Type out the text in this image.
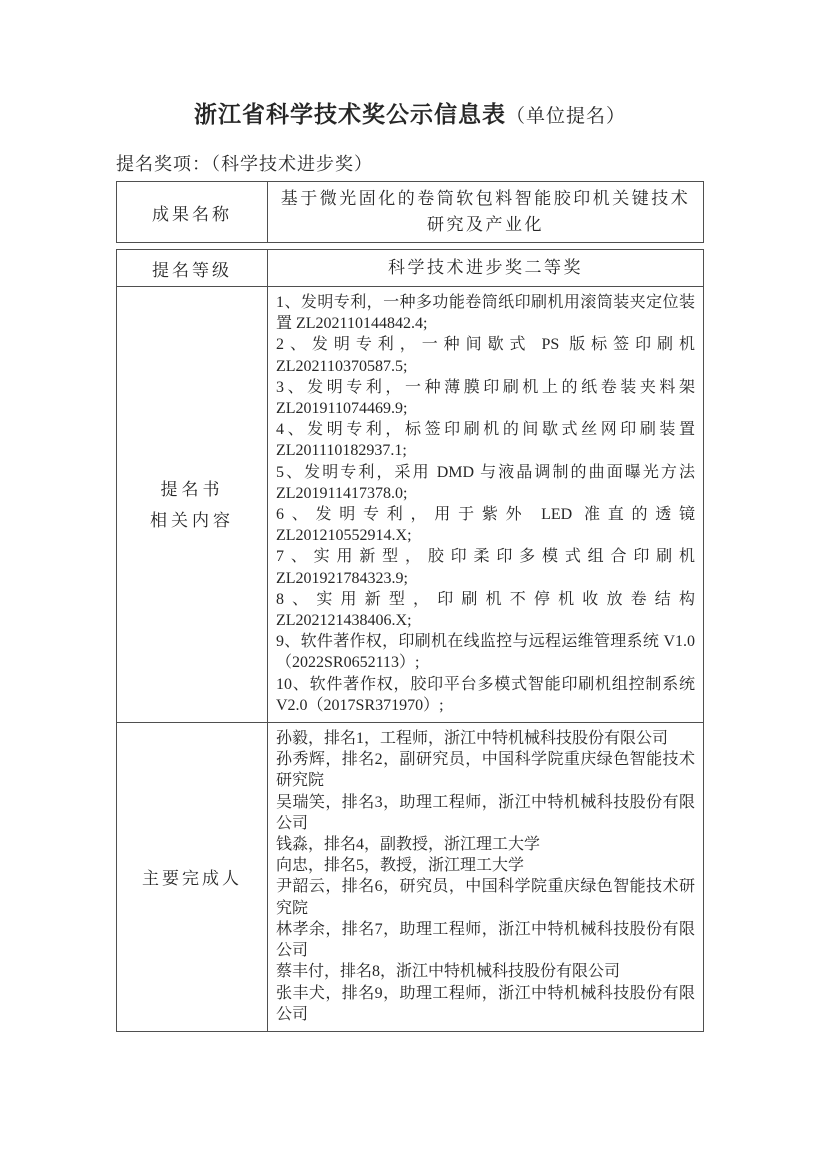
浙江省科学技术奖公示信息表（单位提名）
提名奖项：（科学技术进步奖）
成果名称
基于微光固化的卷筒软包料智能胶印机关键技术研究及产业化
提名等级	科学技术进步奖二等奖
提名书
相关内容

1、发明专利，一种多功能卷筒纸印刷机用滚筒装夹定位装置 ZL202110144842.4;

2、发明专利，一种间歇式 PS 版标签印刷机 ZL202110370587.5;

3、发明专利，一种薄膜印刷机上的纸卷装夹料架 ZL201911074469.9;

4、发明专利，标签印刷机的间歇式丝网印刷装置 ZL201110182937.1;

5、发明专利，采用 DMD 与液晶调制的曲面曝光方法 ZL201911417378.0;

6、发明专利，用于紫外 LED 准直的透镜 ZL201210552914.X;

7、实用新型，胶印柔印多模式组合印刷机 ZL201921784323.9;

8、实用新型，印刷机不停机收放卷结构 ZL202121438406.X;

9、软件著作权，印刷机在线监控与远程运维管理系统 V1.0（2022SR0652113）;

10、软件著作权，胶印平台多模式智能印刷机组控制系统 V2.0（2017SR371970）;

主要完成人

孙毅，排名1，工程师，浙江中特机械科技股份有限公司

孙秀辉，排名2，副研究员，中国科学院重庆绿色智能技术研究院

吴瑞笑，排名3，助理工程师，浙江中特机械科技股份有限公司

钱淼，排名4，副教授，浙江理工大学

向忠，排名5，教授，浙江理工大学

尹韶云，排名6，研究员，中国科学院重庆绿色智能技术研究院

林孝余，排名7，助理工程师，浙江中特机械科技股份有限公司

蔡丰付，排名8，浙江中特机械科技股份有限公司

张丰犬，排名9，助理工程师，浙江中特机械科技股份有限公司
